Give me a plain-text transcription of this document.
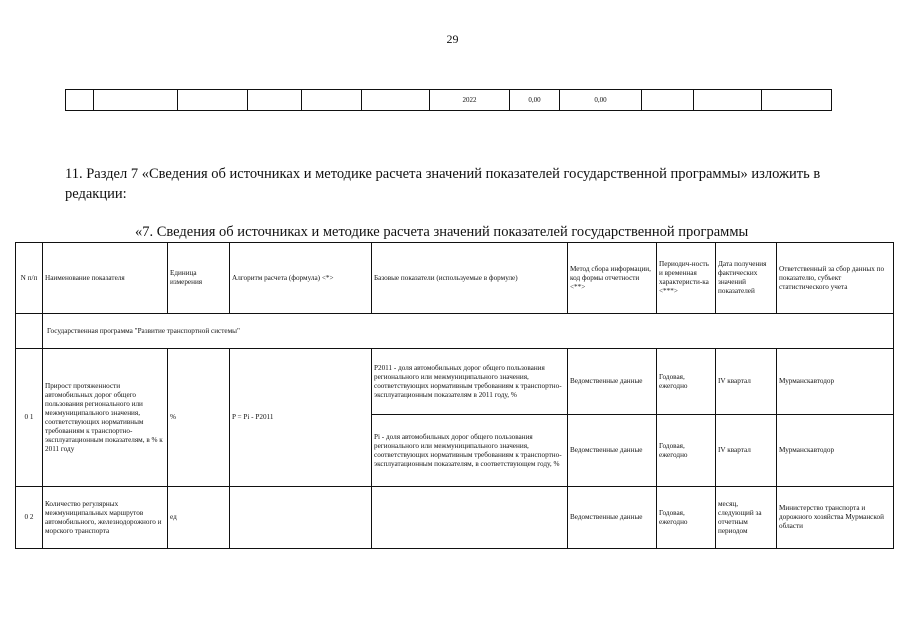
29
						2022	0,00	0,00			
11. Раздел 7 «Сведения об источниках и методике расчета значений показателей государственной программы» изложить в редакции:
«7. Сведения об источниках и методике расчета значений показателей государственной программы
N п/п	Наименование показателя	Единица измерения	Алгоритм расчета (формула) <*>	Базовые показатели (используемые в формуле)	Метод сбора информации, код формы отчетности <**>	Периодич-ность и временная характеристи-ка <***>	Дата получения фактических значений показателей	Ответственный за сбор данных по показателю, субъект статистического учета
	Государственная программа "Развитие транспортной системы"							
0 1	Прирост протяженности автомобильных дорог общего пользования регионального или межмуниципального значения, соответствующих нормативным требованиям к транспортно-эксплуатационным показателям, в % к 2011 году	%	P = Pi - P2011	P2011 - доля автомобильных дорог общего пользования регионального или межмуниципального значения, соответствующих нормативным требованиям к транспортно-эксплуатационным показателям в 2011 году, %	Ведомственные данные	Годовая, ежегодно	IV квартал	Мурманскавтодор
				Pi - доля автомобильных дорог общего пользования регионального или межмуниципального значения, соответствующих нормативным требованиям к транспортно-эксплуатационным показателям, в соответствующем году, %	Ведомственные данные	Годовая, ежегодно	IV квартал	Мурманскавтодор
0 2	Количество регулярных межмуниципальных маршрутов автомобильного, железнодорожного и морского транспорта	ед			Ведомственные данные	Годовая, ежегодно	месяц, следующий за отчетным периодом	Министерство транспорта и дорожного хозяйства Мурманской области
